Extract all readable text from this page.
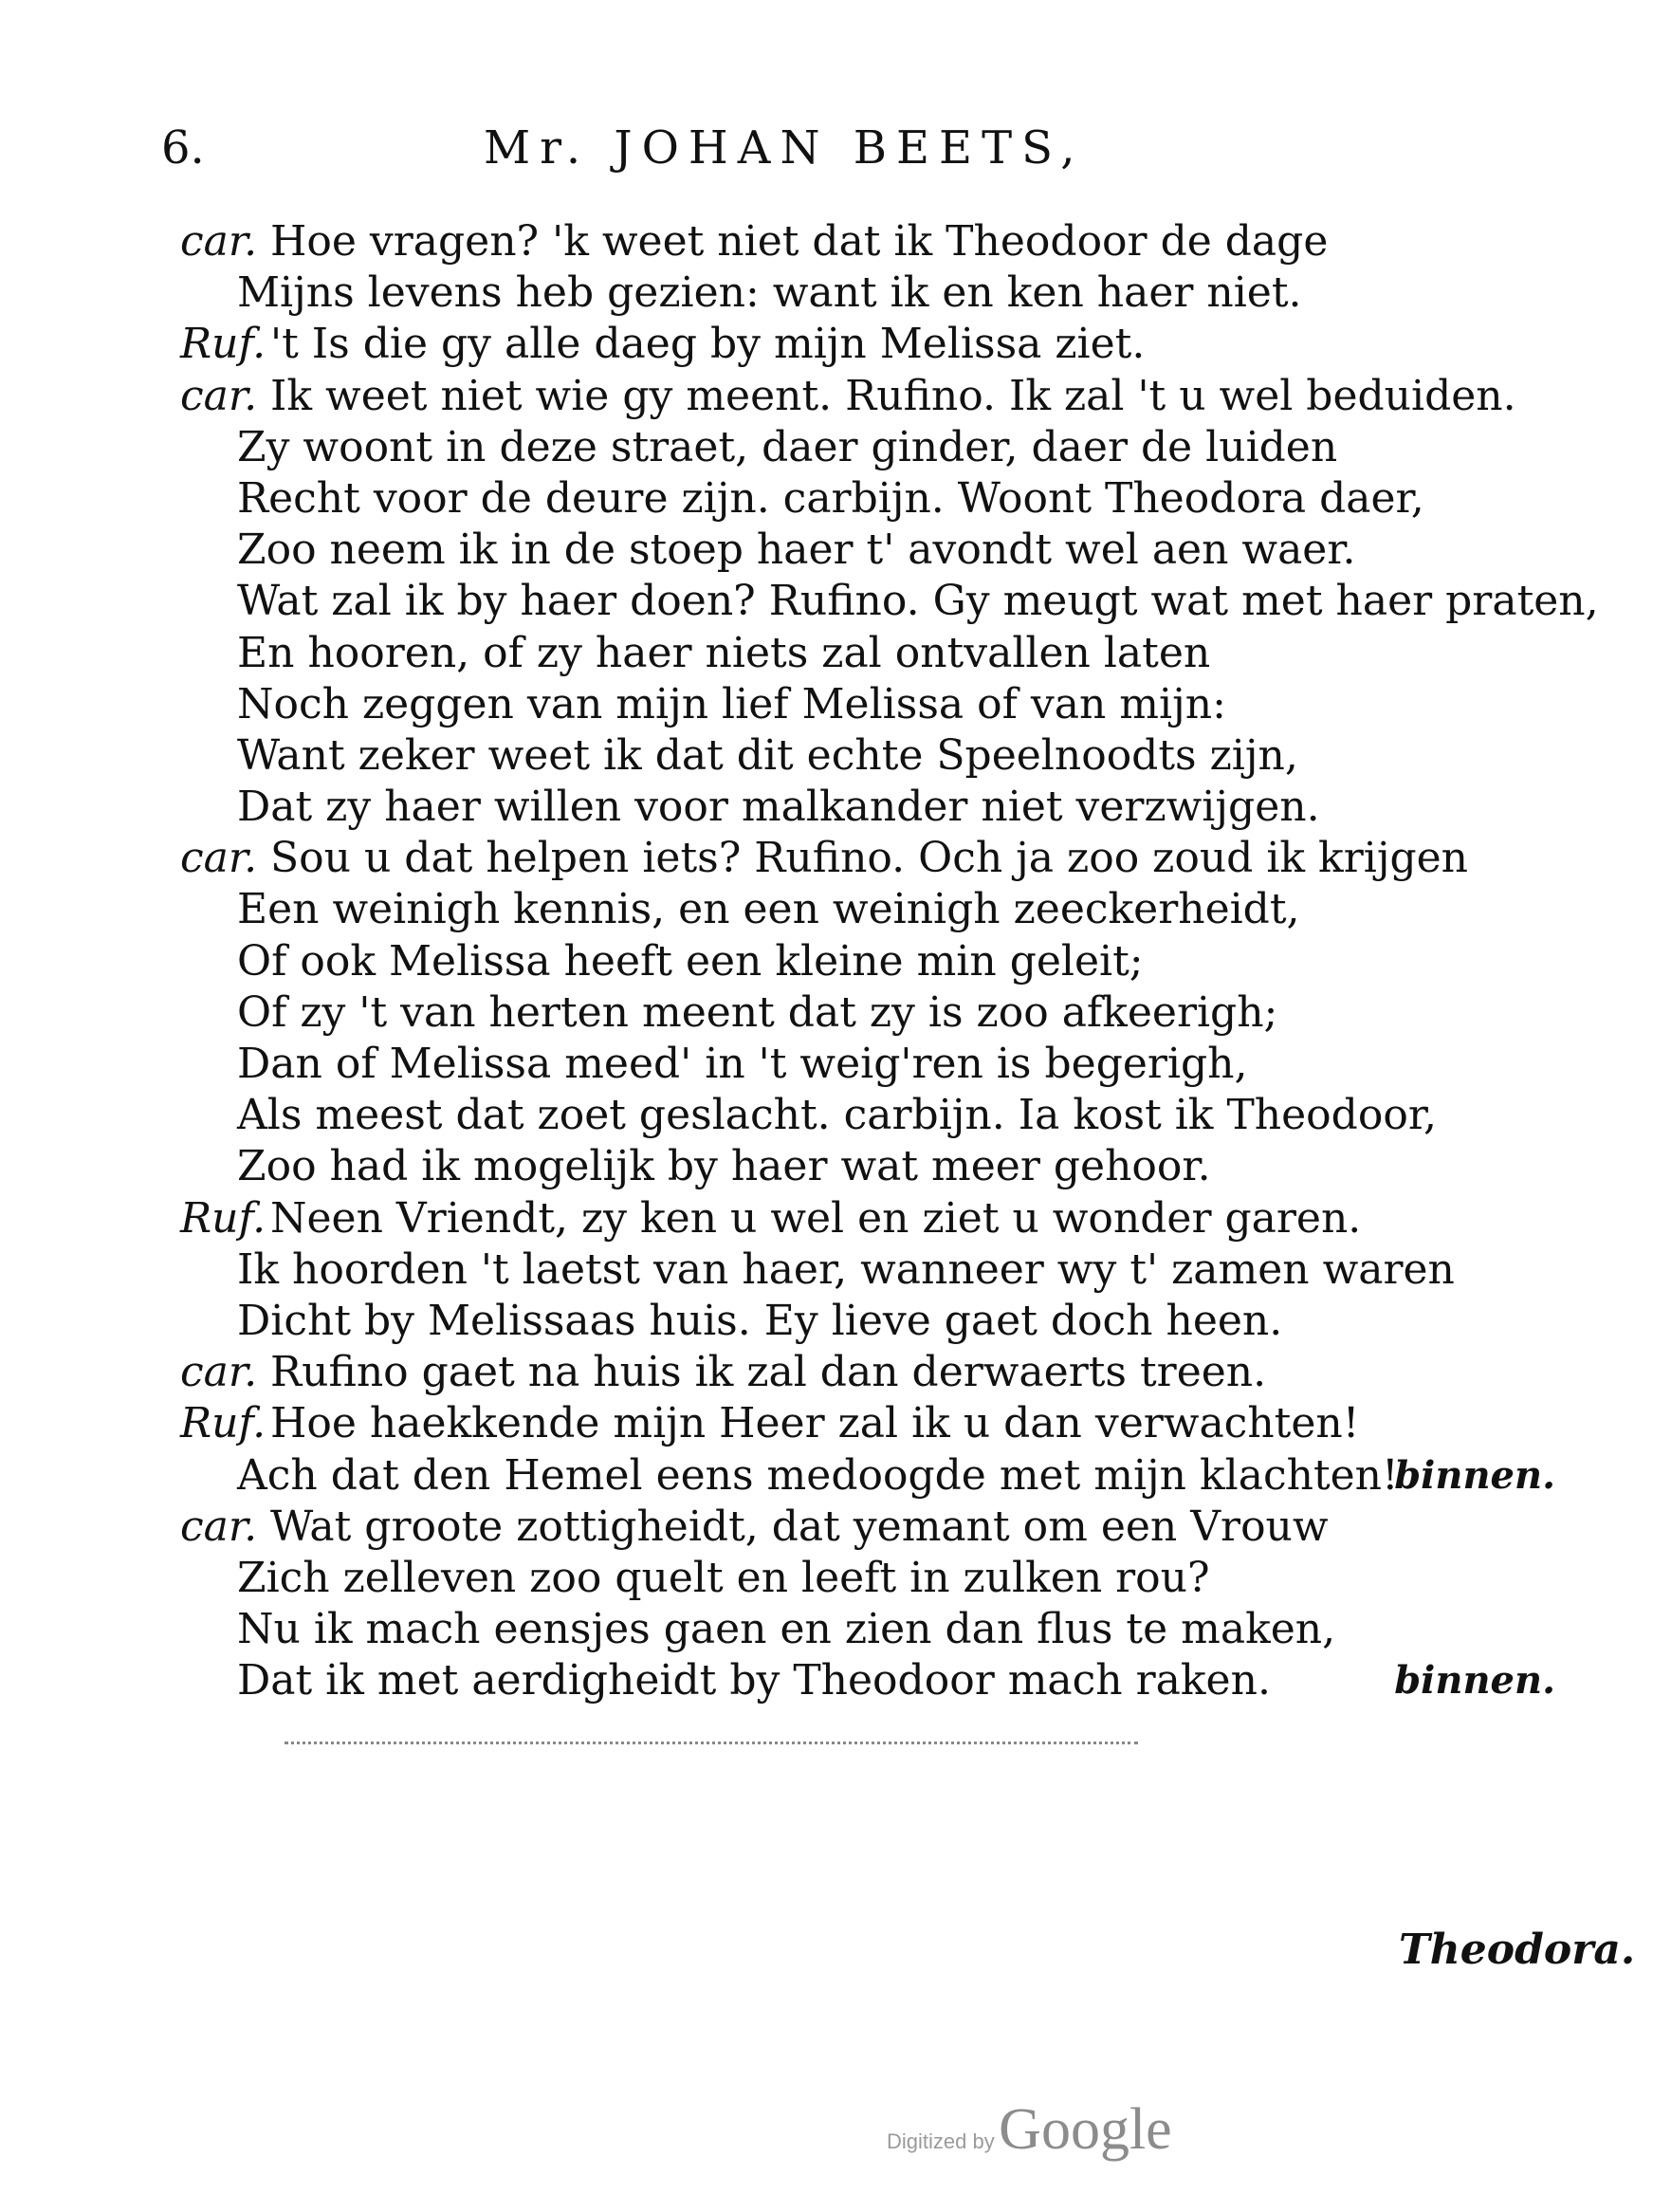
6.	Mr. JOHAN BEETS,
car. Hoe vragen? 'k weet niet dat ik Theodoor de dage
Mijns levens heb gezien: want ik en ken haer niet.
Ruf. 't Is die gy alle daeg by mijn Melissa ziet.
car. Ik weet niet wie gy meent. Rufino. Ik zal 't u wel beduiden.
Zy woont in deze straet, daer ginder, daer de luiden
Recht voor de deure zijn. carbijn. Woont Theodora daer,
Zoo neem ik in de stoep haer t' avondt wel aen waer.
Wat zal ik by haer doen? Rufino. Gy meugt wat met haer praten,
En hooren, of zy haer niets zal ontvallen laten
Noch zeggen van mijn lief Melissa of van mijn:
Want zeker weet ik dat dit echte Speelnoodts zijn,
Dat zy haer willen voor malkander niet verzwijgen.
car. Sou u dat helpen iets? Rufino. Och ja zoo zoud ik krijgen
Een weinigh kennis, en een weinigh zeeckerheidt,
Of ook Melissa heeft een kleine min geleit;
Of zy 't van herten meent dat zy is zoo afkeerigh;
Dan of Melissa meed' in 't weig'ren is begerigh,
Als meest dat zoet geslacht. carbijn. Ia kost ik Theodoor,
Zoo had ik mogelijk by haer wat meer gehoor.
Ruf. Neen Vriendt, zy ken u wel en ziet u wonder garen.
Ik hoorden 't laetst van haer, wanneer wy t' zamen waren
Dicht by Melissaas huis. Ey lieve gaet doch heen.
car. Rufino gaet na huis ik zal dan derwaerts treen.
Ruf. Hoe haekkende mijn Heer zal ik u dan verwachten!
Ach dat den Hemel eens medoogde met mijn klachten!
binnen.
car. Wat groote zottigheidt, dat yemant om een Vrouw
Zich zelleven zoo quelt en leeft in zulken rou?
Nu ik mach eensjes gaen en zien dan flus te maken,
Dat ik met aerdigheidt by Theodoor mach raken.	binnen.
Theodora.
Digitized by Google
